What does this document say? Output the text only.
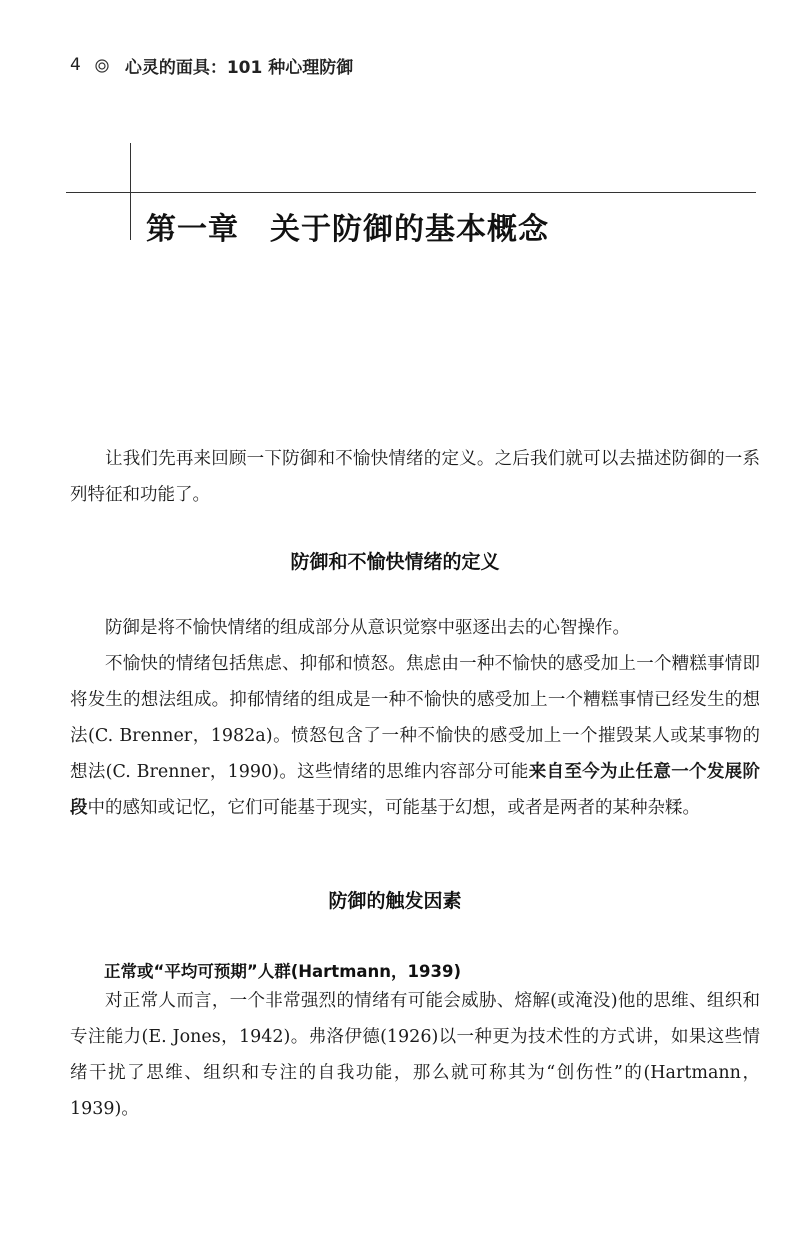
4	心灵的面具：101 种心理防御
第一章　关于防御的基本概念

让我们先再来回顾一下防御和不愉快情绪的定义。之后我们就可以去描述防御的一系列特征和功能了。

防御和不愉快情绪的定义

防御是将不愉快情绪的组成部分从意识觉察中驱逐出去的心智操作。

不愉快的情绪包括焦虑、抑郁和愤怒。焦虑由一种不愉快的感受加上一个糟糕事情即将发生的想法组成。抑郁情绪的组成是一种不愉快的感受加上一个糟糕事情已经发生的想法(C. Brenner，1982a)。愤怒包含了一种不愉快的感受加上一个摧毁某人或某事物的想法(C. Brenner，1990)。这些情绪的思维内容部分可能来自至今为止任意一个发展阶段中的感知或记忆，它们可能基于现实，可能基于幻想，或者是两者的某种杂糅。

防御的触发因素
正常或“平均可预期”人群(Hartmann，1939)

对正常人而言，一个非常强烈的情绪有可能会威胁、熔解(或淹没)他的思维、组织和专注能力(E. Jones，1942)。弗洛伊德(1926)以一种更为技术性的方式讲，如果这些情绪干扰了思维、组织和专注的自我功能，那么就可称其为“创伤性”的(Hartmann，1939)。
